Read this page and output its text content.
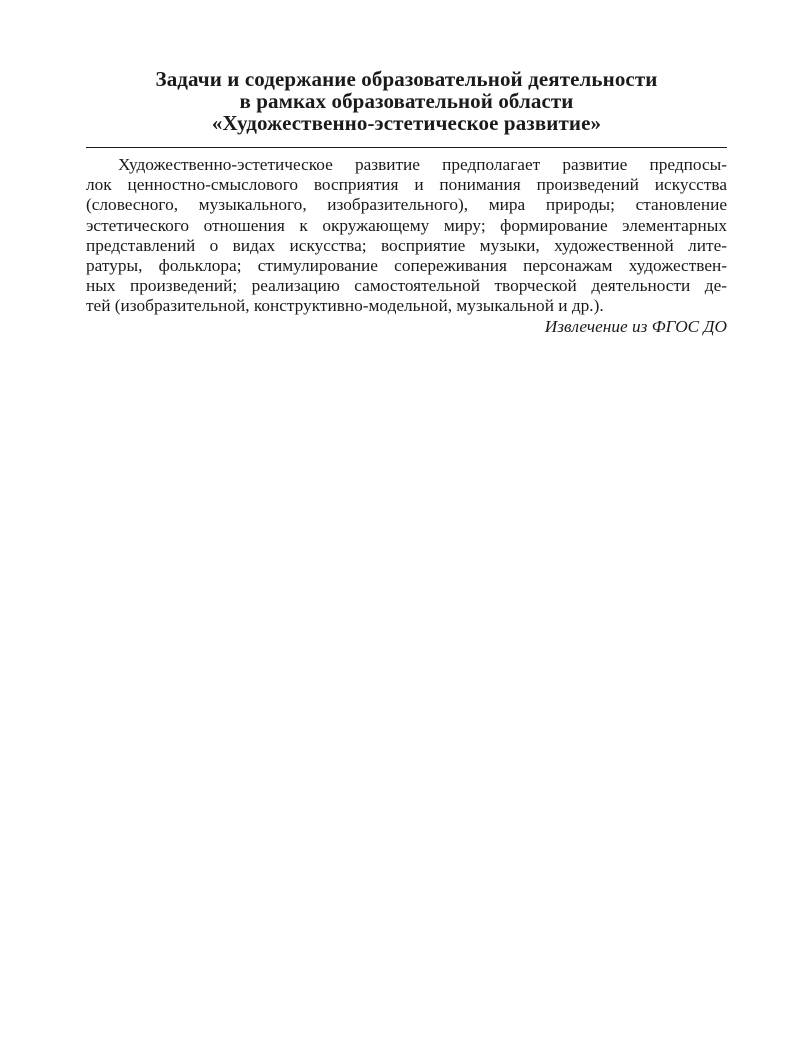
Задачи и содержание образовательной деятельности
в рамках образовательной области
«Художественно-эстетическое развитие»
Художественно-эстетическое развитие предполагает развитие предпосы-
лок ценностно-смыслового восприятия и понимания произведений искусства
(словесного, музыкального, изобразительного), мира природы; становление
эстетического отношения к окружающему миру; формирование элементарных
представлений о видах искусства; восприятие музыки, художественной лите-
ратуры, фольклора; стимулирование сопереживания персонажам художествен-
ных произведений; реализацию самостоятельной творческой деятельности де-
тей (изобразительной, конструктивно-модельной, музыкальной и др.).
Извлечение из ФГОС ДО
